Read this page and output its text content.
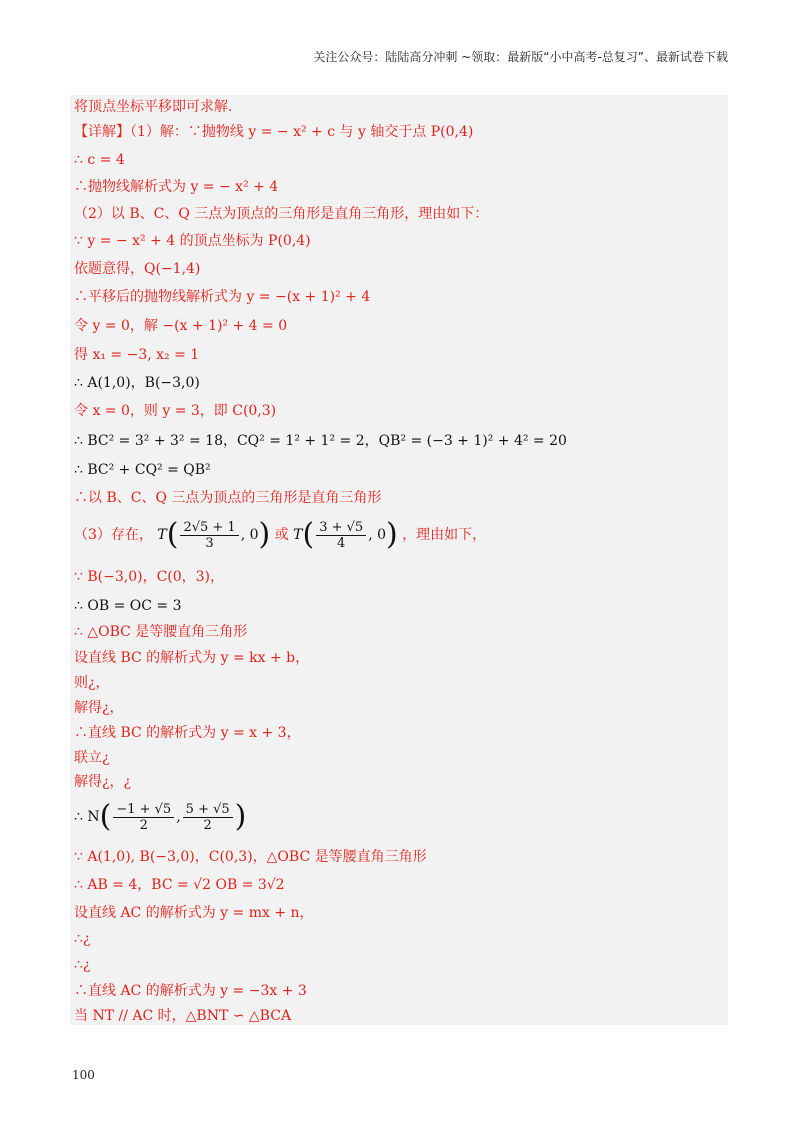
关注公众号：陆陆高分冲刺 ~领取：最新版“小中高考-总复习”、最新试卷下载
将顶点坐标平移即可求解.
【详解】（1）解：∵抛物线 y = − x² + c 与 y 轴交于点 P(0,4)
∴ c = 4
∴抛物线解析式为 y = − x² + 4
（2）以 B、C、Q 三点为顶点的三角形是直角三角形，理由如下：
∵ y = − x² + 4 的顶点坐标为 P(0,4)
依题意得，Q(−1,4)
∴平移后的抛物线解析式为 y = −(x + 1)² + 4
令 y = 0，解 −(x + 1)² + 4 = 0
得 x₁ = −3, x₂ = 1
∴ A(1,0)，B(−3,0)
令 x = 0，则 y = 3，即 C(0,3)
∴ BC² = 3² + 3² = 18，CQ² = 1² + 1² = 2，QB² = (−3 + 1)² + 4² = 20
∴ BC² + CQ² = QB²
∴以 B、C、Q 三点为顶点的三角形是直角三角形
（3）存在， $T( \frac{2√5 + 1}{3}$ , 0) 或 $T( \frac{3 + √5}{4}$ , 0) ，理由如下，
∵ B(−3,0)，C(0，3)，
∴ OB = OC = 3
∴ △OBC 是等腰直角三角形
设直线 BC 的解析式为 y = kx + b，
则¿，
解得¿，
∴直线 BC 的解析式为 y = x + 3，
联立¿
解得¿，¿
∴ $N( \frac{-1 + √5}{2}$ , $\frac{5 + √5}{2}$ )
∵ A(1,0), B(−3,0)，C(0,3)，△OBC 是等腰直角三角形
∴ AB = 4，BC = √2 OB = 3√2
设直线 AC 的解析式为 y = mx + n，
∴¿
∴¿
∴直线 AC 的解析式为 y = −3x + 3
当 NT // AC 时，△BNT ∽ △BCA
100
